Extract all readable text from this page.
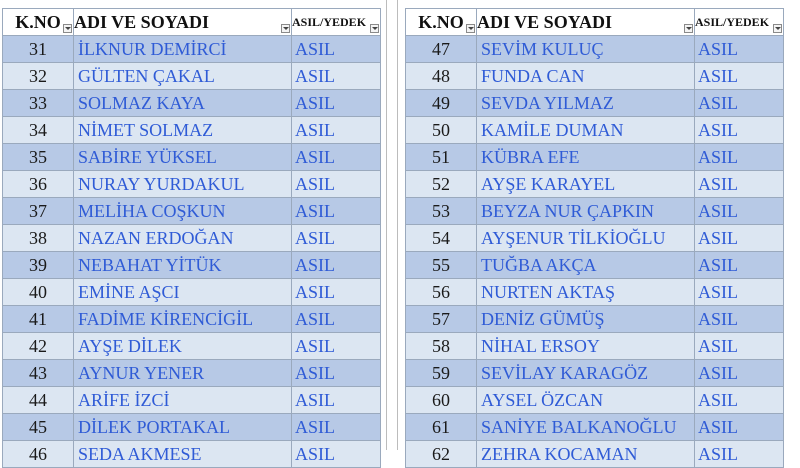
K.NO	ADI VE SOYADI	ASIL/YEDEK

31	İLKNUR DEMİRCİ	ASIL
32	GÜLTEN ÇAKAL	ASIL
33	SOLMAZ KAYA	ASIL
34	NİMET SOLMAZ	ASIL
35	SABİRE YÜKSEL	ASIL
36	NURAY YURDAKUL	ASIL
37	MELİHA COŞKUN	ASIL
38	NAZAN ERDOĞAN	ASIL
39	NEBAHAT YİTÜK	ASIL
40	EMİNE AŞCI	ASIL
41	FADİME KİRENCİGİL	ASIL
42	AYŞE DİLEK	ASIL
43	AYNUR YENER	ASIL
44	ARİFE İZCİ	ASIL
45	DİLEK PORTAKAL	ASIL
46	SEDA AKMESE	ASIL
K.NO	ADI VE SOYADI	ASIL/YEDEK

47	SEVİM KULUÇ	ASIL
48	FUNDA CAN	ASIL
49	SEVDA YILMAZ	ASIL
50	KAMİLE DUMAN	ASIL
51	KÜBRA EFE	ASIL
52	AYŞE KARAYEL	ASIL
53	BEYZA NUR ÇAPKIN	ASIL
54	AYŞENUR TİLKİOĞLU	ASIL
55	TUĞBA AKÇA	ASIL
56	NURTEN AKTAŞ	ASIL
57	DENİZ GÜMÜŞ	ASIL
58	NİHAL ERSOY	ASIL
59	SEVİLAY KARAGÖZ	ASIL
60	AYSEL ÖZCAN	ASIL
61	SANİYE BALKANOĞLU	ASIL
62	ZEHRA KOCAMAN	ASIL
